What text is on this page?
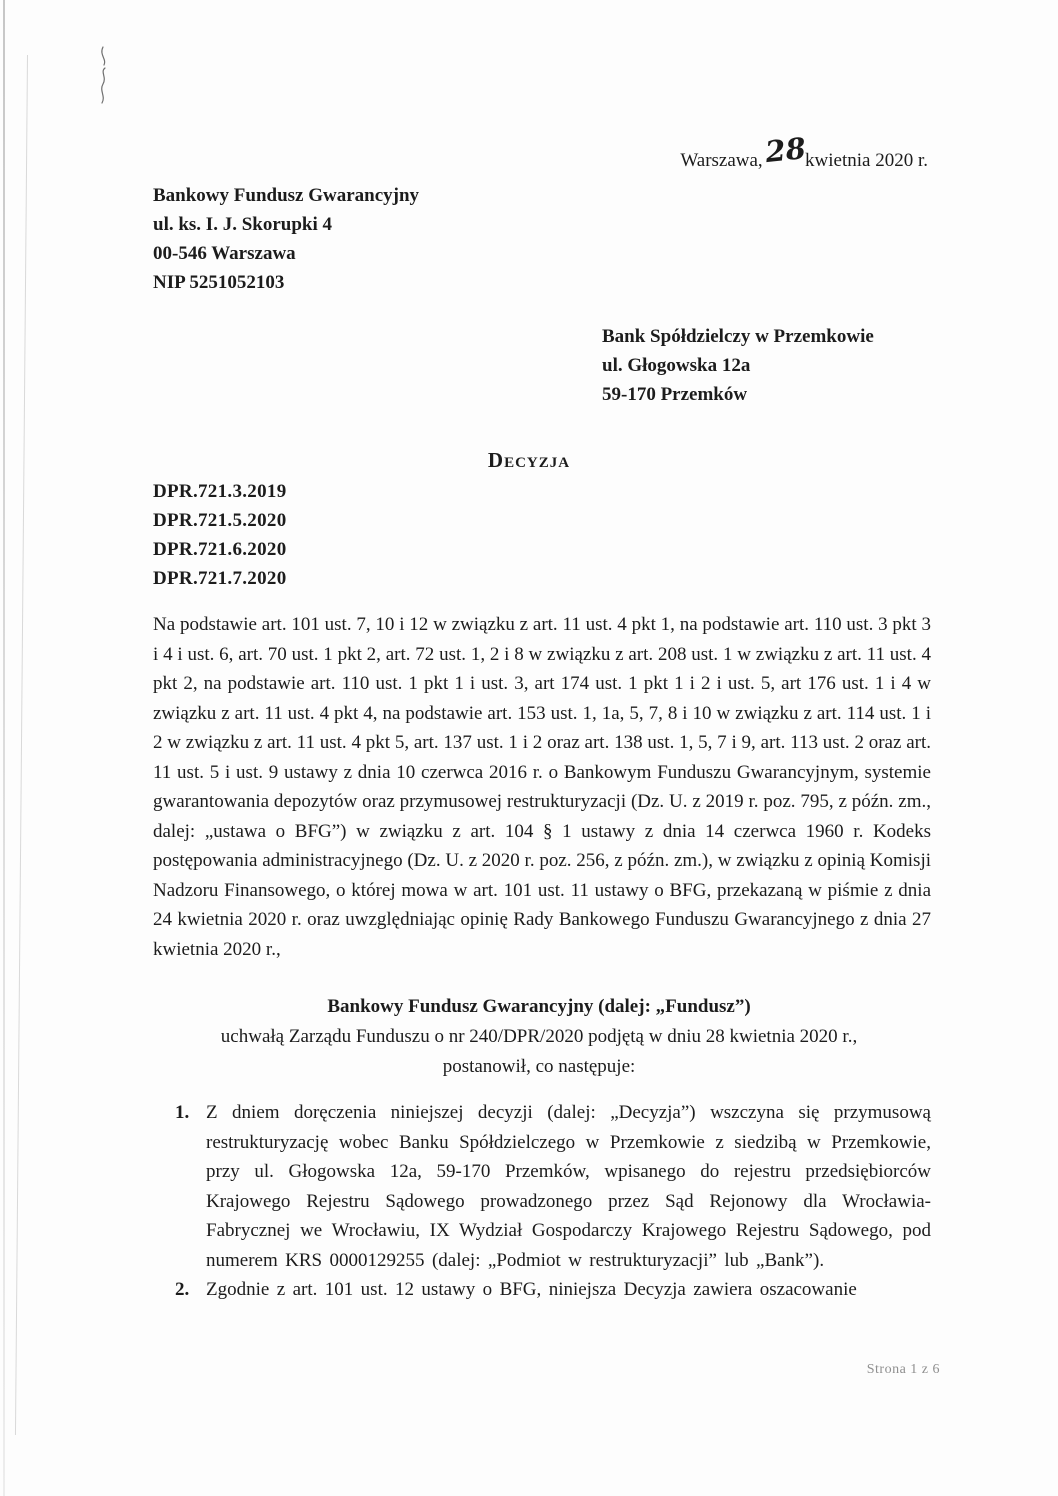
Warszawa,28kwietnia 2020 r.
Bankowy Fundusz Gwarancyjny
ul. ks. I. J. Skorupki 4
00-546 Warszawa
NIP 5251052103
Bank Spółdzielczy w Przemkowie
ul. Głogowska 12a
59-170 Przemków
Decyzja
DPR.721.3.2019
DPR.721.5.2020
DPR.721.6.2020
DPR.721.7.2020
Na podstawie art. 101 ust. 7, 10 i 12 w związku z art. 11 ust. 4 pkt 1, na podstawie art. 110 ust. 3 pkt 3 i 4 i ust. 6, art. 70 ust. 1 pkt 2, art. 72 ust. 1, 2 i 8 w związku z art. 208 ust. 1 w związku z art. 11 ust. 4 pkt 2, na podstawie art. 110 ust. 1 pkt 1 i ust. 3, art 174 ust. 1 pkt 1 i 2 i ust. 5, art 176 ust. 1 i 4 w związku z art. 11 ust. 4 pkt 4, na podstawie art. 153 ust. 1, 1a, 5, 7, 8 i 10 w związku z art. 114 ust. 1 i 2 w związku z art. 11 ust. 4 pkt 5, art. 137 ust. 1 i 2 oraz art. 138 ust. 1, 5, 7 i 9, art. 113 ust. 2 oraz art. 11 ust. 5 i ust. 9 ustawy z dnia 10 czerwca 2016 r. o Bankowym Funduszu Gwarancyjnym, systemie gwarantowania depozytów oraz przymusowej restrukturyzacji (Dz. U. z 2019 r. poz. 795, z późn. zm., dalej: „ustawa o BFG”) w związku z art. 104 § 1 ustawy z dnia 14 czerwca 1960 r. Kodeks postępowania administracyjnego (Dz. U. z 2020 r. poz. 256, z późn. zm.), w związku z opinią Komisji Nadzoru Finansowego, o której mowa w art. 101 ust. 11 ustawy o BFG, przekazaną w piśmie z dnia 24 kwietnia 2020 r. oraz uwzględniając opinię Rady Bankowego Funduszu Gwarancyjnego z dnia 27 kwietnia 2020 r.,
Bankowy Fundusz Gwarancyjny (dalej: „Fundusz”)
uchwałą Zarządu Funduszu o nr 240/DPR/2020 podjętą w dniu 28 kwietnia 2020 r.,
postanowił, co następuje:
1. Z dniem doręczenia niniejszej decyzji (dalej: „Decyzja”) wszczyna się przymusową restrukturyzację wobec Banku Spółdzielczego w Przemkowie z siedzibą w Przemkowie, przy ul. Głogowska 12a, 59-170 Przemków, wpisanego do rejestru przedsiębiorców Krajowego Rejestru Sądowego prowadzonego przez Sąd Rejonowy dla Wrocławia-Fabrycznej we Wrocławiu, IX Wydział Gospodarczy Krajowego Rejestru Sądowego, pod numerem KRS 0000129255 (dalej: „Podmiot w restrukturyzacji” lub „Bank”).
2. Zgodnie z art. 101 ust. 12 ustawy o BFG, niniejsza Decyzja zawiera oszacowanie
Strona 1 z 6
